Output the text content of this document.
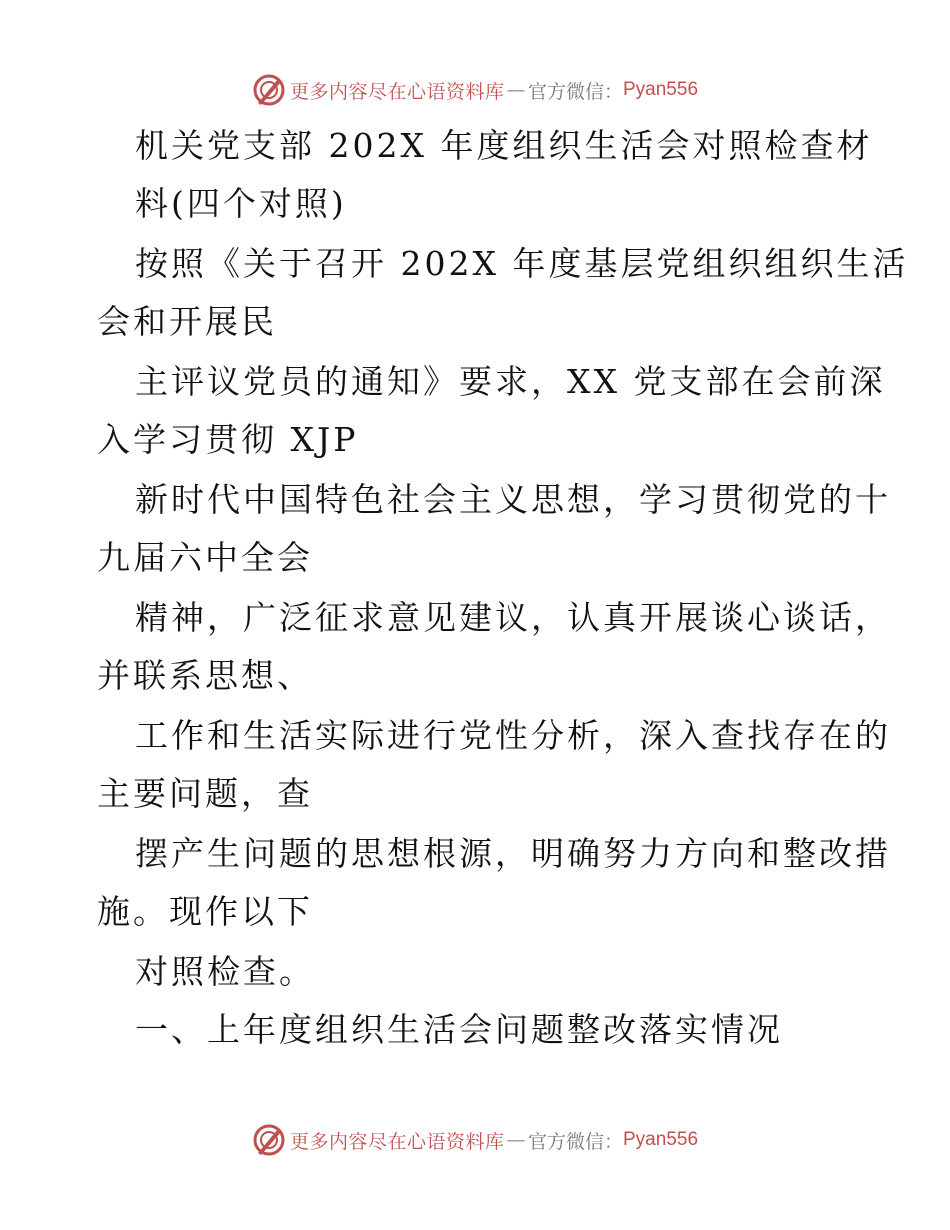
更多内容尽在心语资料库 — 官方微信： Pyan556
机关党支部 202X 年度组织生活会对照检查材
料(四个对照)
按照《关于召开 202X 年度基层党组织组织生活
会和开展民
主评议党员的通知》要求，XX 党支部在会前深
入学习贯彻 XJP
新时代中国特色社会主义思想，学习贯彻党的十
九届六中全会
精神，广泛征求意见建议，认真开展谈心谈话，
并联系思想、
工作和生活实际进行党性分析，深入查找存在的
主要问题，查
摆产生问题的思想根源，明确努力方向和整改措
施。现作以下
对照检查。
一、上年度组织生活会问题整改落实情况
更多内容尽在心语资料库 — 官方微信： Pyan556
